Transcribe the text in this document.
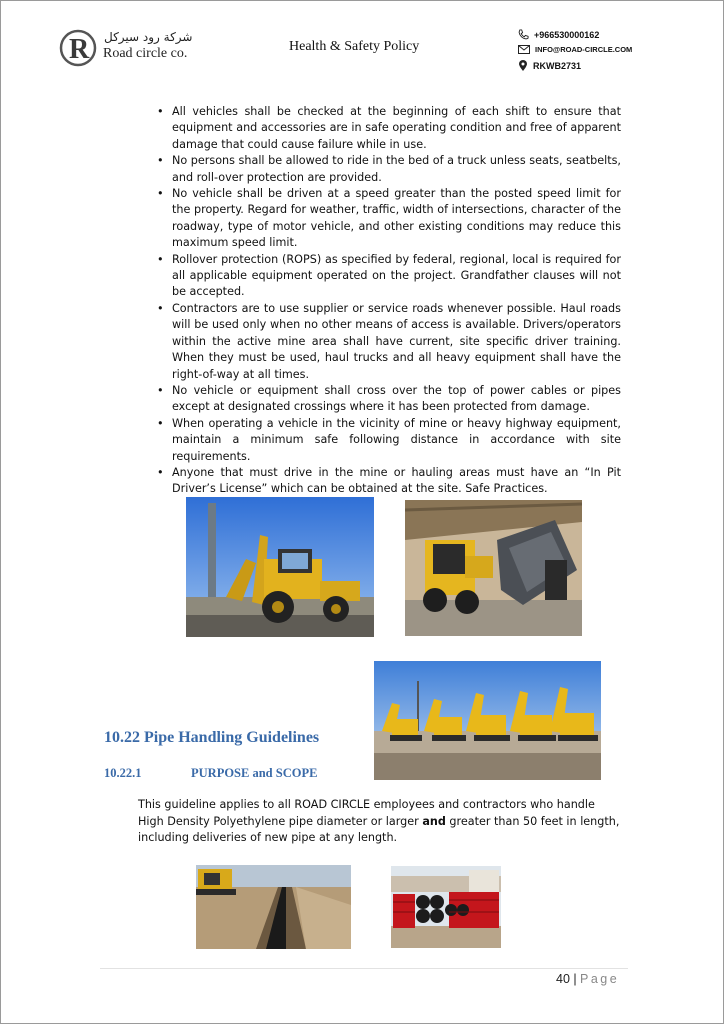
R شركة رود سيركل
Road circle co.	Health & Safety Policy
+966530000162
INFO@ROAD-CIRCLE.COM
RKWB2731
• All vehicles shall be checked at the beginning of each shift to ensure that equipment and accessories are in safe operating condition and free of apparent damage that could cause failure while in use.
• No persons shall be allowed to ride in the bed of a truck unless seats, seatbelts, and roll-over protection are provided.
• No vehicle shall be driven at a speed greater than the posted speed limit for the property. Regard for weather, traffic, width of intersections, character of the roadway, type of motor vehicle, and other existing conditions may reduce this maximum speed limit.
• Rollover protection (ROPS) as specified by federal, regional, local is required for all applicable equipment operated on the project. Grandfather clauses will not be accepted.
• Contractors are to use supplier or service roads whenever possible. Haul roads will be used only when no other means of access is available. Drivers/operators within the active mine area shall have current, site specific driver training. When they must be used, haul trucks and all heavy equipment shall have the right-of-way at all times.
• No vehicle or equipment shall cross over the top of power cables or pipes except at designated crossings where it has been protected from damage.
• When operating a vehicle in the vicinity of mine or heavy highway equipment, maintain a minimum safe following distance in accordance with site requirements.
• Anyone that must drive in the mine or hauling areas must have an “In Pit Driver’s License” which can be obtained at the site. Safe Practices.
10.22 Pipe Handling Guidelines
10.22.1	PURPOSE and SCOPE

This guideline applies to all ROAD CIRCLE employees and contractors who handle High Density Polyethylene pipe diameter or larger and greater than 50 feet in length, including deliveries of new pipe at any length.

40 | Page
